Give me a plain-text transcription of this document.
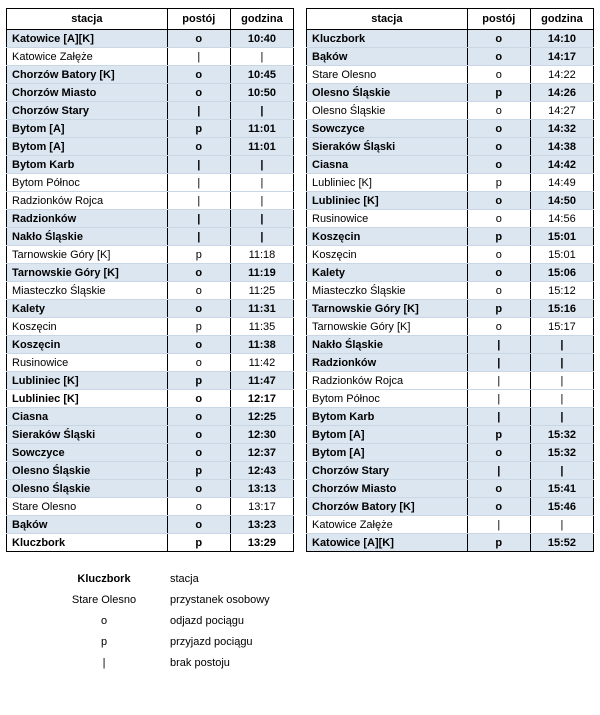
stacja	postój	godzina
Katowice [A][K]	o	10:40
Katowice Załęże	|	|
Chorzów Batory [K]	o	10:45
Chorzów Miasto	o	10:50
Chorzów Stary	|	|
Bytom [A]	p	11:01
Bytom [A]	o	11:01
Bytom Karb	|	|
Bytom Północ	|	|
Radzionków Rojca	|	|
Radzionków	|	|
Nakło Śląskie	|	|
Tarnowskie Góry [K]	p	11:18
Tarnowskie Góry [K]	o	11:19
Miasteczko Śląskie	o	11:25
Kalety	o	11:31
Koszęcin	p	11:35
Koszęcin	o	11:38
Rusinowice	o	11:42
Lubliniec [K]	p	11:47
Lubliniec [K]	o	12:17
Ciasna	o	12:25
Sieraków Śląski	o	12:30
Sowczyce	o	12:37
Olesno Śląskie	p	12:43
Olesno Śląskie	o	13:13
Stare Olesno	o	13:17
Bąków	o	13:23
Kluczbork	p	13:29
stacja	postój	godzina
Kluczbork	o	14:10
Bąków	o	14:17
Stare Olesno	o	14:22
Olesno Śląskie	p	14:26
Olesno Śląskie	o	14:27
Sowczyce	o	14:32
Sieraków Śląski	o	14:38
Ciasna	o	14:42
Lubliniec [K]	p	14:49
Lubliniec [K]	o	14:50
Rusinowice	o	14:56
Koszęcin	p	15:01
Koszęcin	o	15:01
Kalety	o	15:06
Miasteczko Śląskie	o	15:12
Tarnowskie Góry [K]	p	15:16
Tarnowskie Góry [K]	o	15:17
Nakło Śląskie	|	|
Radzionków	|	|
Radzionków Rojca	|	|
Bytom Północ	|	|
Bytom Karb	|	|
Bytom [A]	p	15:32
Bytom [A]	o	15:32
Chorzów Stary	|	|
Chorzów Miasto	o	15:41
Chorzów Batory [K]	o	15:46
Katowice Załęże	|	|
Katowice [A][K]	p	15:52
Kluczbork	stacja
Stare Olesno	przystanek osobowy
o	odjazd pociągu
p	przyjazd pociągu
|	brak postoju
